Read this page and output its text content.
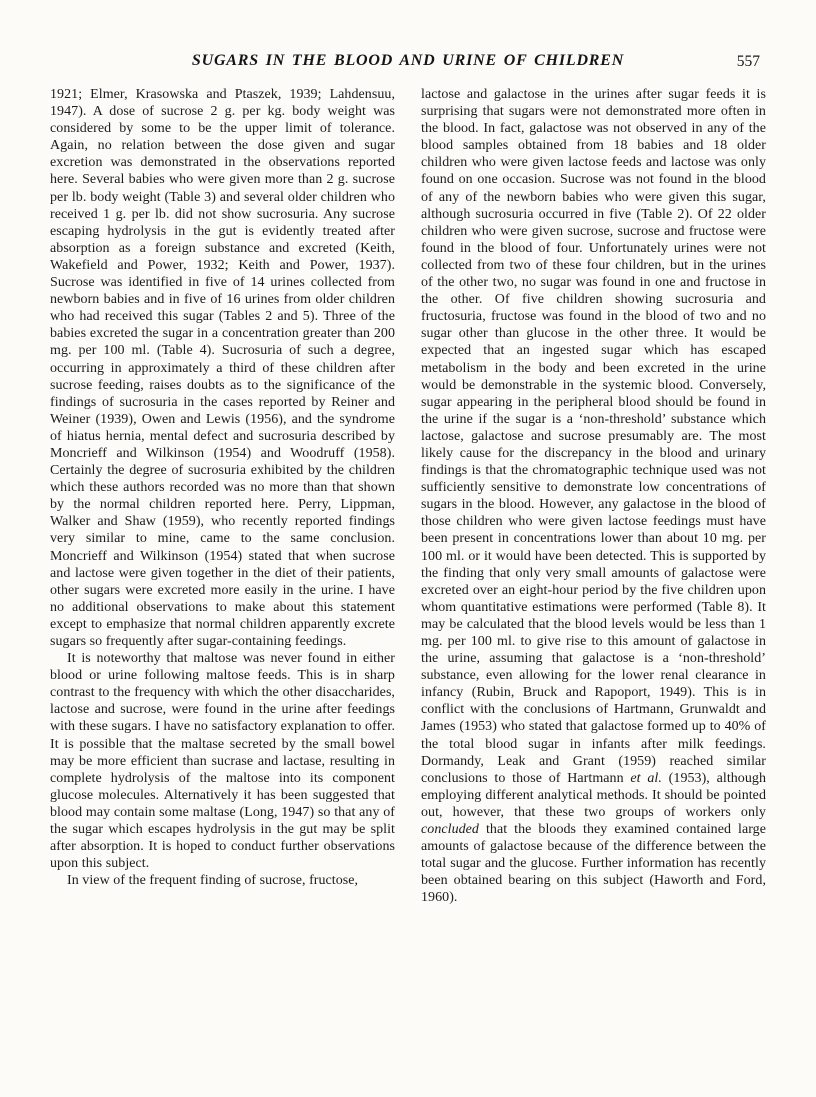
SUGARS IN THE BLOOD AND URINE OF CHILDREN	557

1921; Elmer, Krasowska and Ptaszek, 1939; Lahdensuu, 1947). A dose of sucrose 2 g. per kg. body weight was considered by some to be the upper limit of tolerance. Again, no relation between the dose given and sugar excretion was demonstrated in the observations reported here. Several babies who were given more than 2 g. sucrose per lb. body weight (Table 3) and several older children who received 1 g. per lb. did not show sucrosuria. Any sucrose escaping hydrolysis in the gut is evidently treated after absorption as a foreign substance and excreted (Keith, Wakefield and Power, 1932; Keith and Power, 1937). Sucrose was identified in five of 14 urines collected from newborn babies and in five of 16 urines from older children who had received this sugar (Tables 2 and 5). Three of the babies excreted the sugar in a concentration greater than 200 mg. per 100 ml. (Table 4). Sucrosuria of such a degree, occurring in approximately a third of these children after sucrose feeding, raises doubts as to the significance of the findings of sucrosuria in the cases reported by Reiner and Weiner (1939), Owen and Lewis (1956), and the syndrome of hiatus hernia, mental defect and sucrosuria described by Moncrieff and Wilkinson (1954) and Woodruff (1958). Certainly the degree of sucrosuria exhibited by the children which these authors recorded was no more than that shown by the normal children reported here. Perry, Lippman, Walker and Shaw (1959), who recently reported findings very similar to mine, came to the same conclusion. Moncrieff and Wilkinson (1954) stated that when sucrose and lactose were given together in the diet of their patients, other sugars were excreted more easily in the urine. I have no additional observations to make about this statement except to emphasize that normal children apparently excrete sugars so frequently after sugar-containing feedings.

It is noteworthy that maltose was never found in either blood or urine following maltose feeds. This is in sharp contrast to the frequency with which the other disaccharides, lactose and sucrose, were found in the urine after feedings with these sugars. I have no satisfactory explanation to offer. It is possible that the maltase secreted by the small bowel may be more efficient than sucrase and lactase, resulting in complete hydrolysis of the maltose into its component glucose molecules. Alternatively it has been suggested that blood may contain some maltase (Long, 1947) so that any of the sugar which escapes hydrolysis in the gut may be split after absorption. It is hoped to conduct further observations upon this subject.

In view of the frequent finding of sucrose, fructose,

lactose and galactose in the urines after sugar feeds it is surprising that sugars were not demonstrated more often in the blood. In fact, galactose was not observed in any of the blood samples obtained from 18 babies and 18 older children who were given lactose feeds and lactose was only found on one occasion. Sucrose was not found in the blood of any of the newborn babies who were given this sugar, although sucrosuria occurred in five (Table 2). Of 22 older children who were given sucrose, sucrose and fructose were found in the blood of four. Unfortunately urines were not collected from two of these four children, but in the urines of the other two, no sugar was found in one and fructose in the other. Of five children showing sucrosuria and fructosuria, fructose was found in the blood of two and no sugar other than glucose in the other three. It would be expected that an ingested sugar which has escaped metabolism in the body and been excreted in the urine would be demonstrable in the systemic blood. Conversely, sugar appearing in the peripheral blood should be found in the urine if the sugar is a ‘non-threshold’ substance which lactose, galactose and sucrose presumably are. The most likely cause for the discrepancy in the blood and urinary findings is that the chromatographic technique used was not sufficiently sensitive to demonstrate low concentrations of sugars in the blood. However, any galactose in the blood of those children who were given lactose feedings must have been present in concentrations lower than about 10 mg. per 100 ml. or it would have been detected. This is supported by the finding that only very small amounts of galactose were excreted over an eight-hour period by the five children upon whom quantitative estimations were performed (Table 8). It may be calculated that the blood levels would be less than 1 mg. per 100 ml. to give rise to this amount of galactose in the urine, assuming that galactose is a ‘non-threshold’ substance, even allowing for the lower renal clearance in infancy (Rubin, Bruck and Rapoport, 1949). This is in conflict with the conclusions of Hartmann, Grunwaldt and James (1953) who stated that galactose formed up to 40% of the total blood sugar in infants after milk feedings. Dormandy, Leak and Grant (1959) reached similar conclusions to those of Hartmann et al. (1953), although employing different analytical methods. It should be pointed out, however, that these two groups of workers only concluded that the bloods they examined contained large amounts of galactose because of the difference between the total sugar and the glucose. Further information has recently been obtained bearing on this subject (Haworth and Ford, 1960).
